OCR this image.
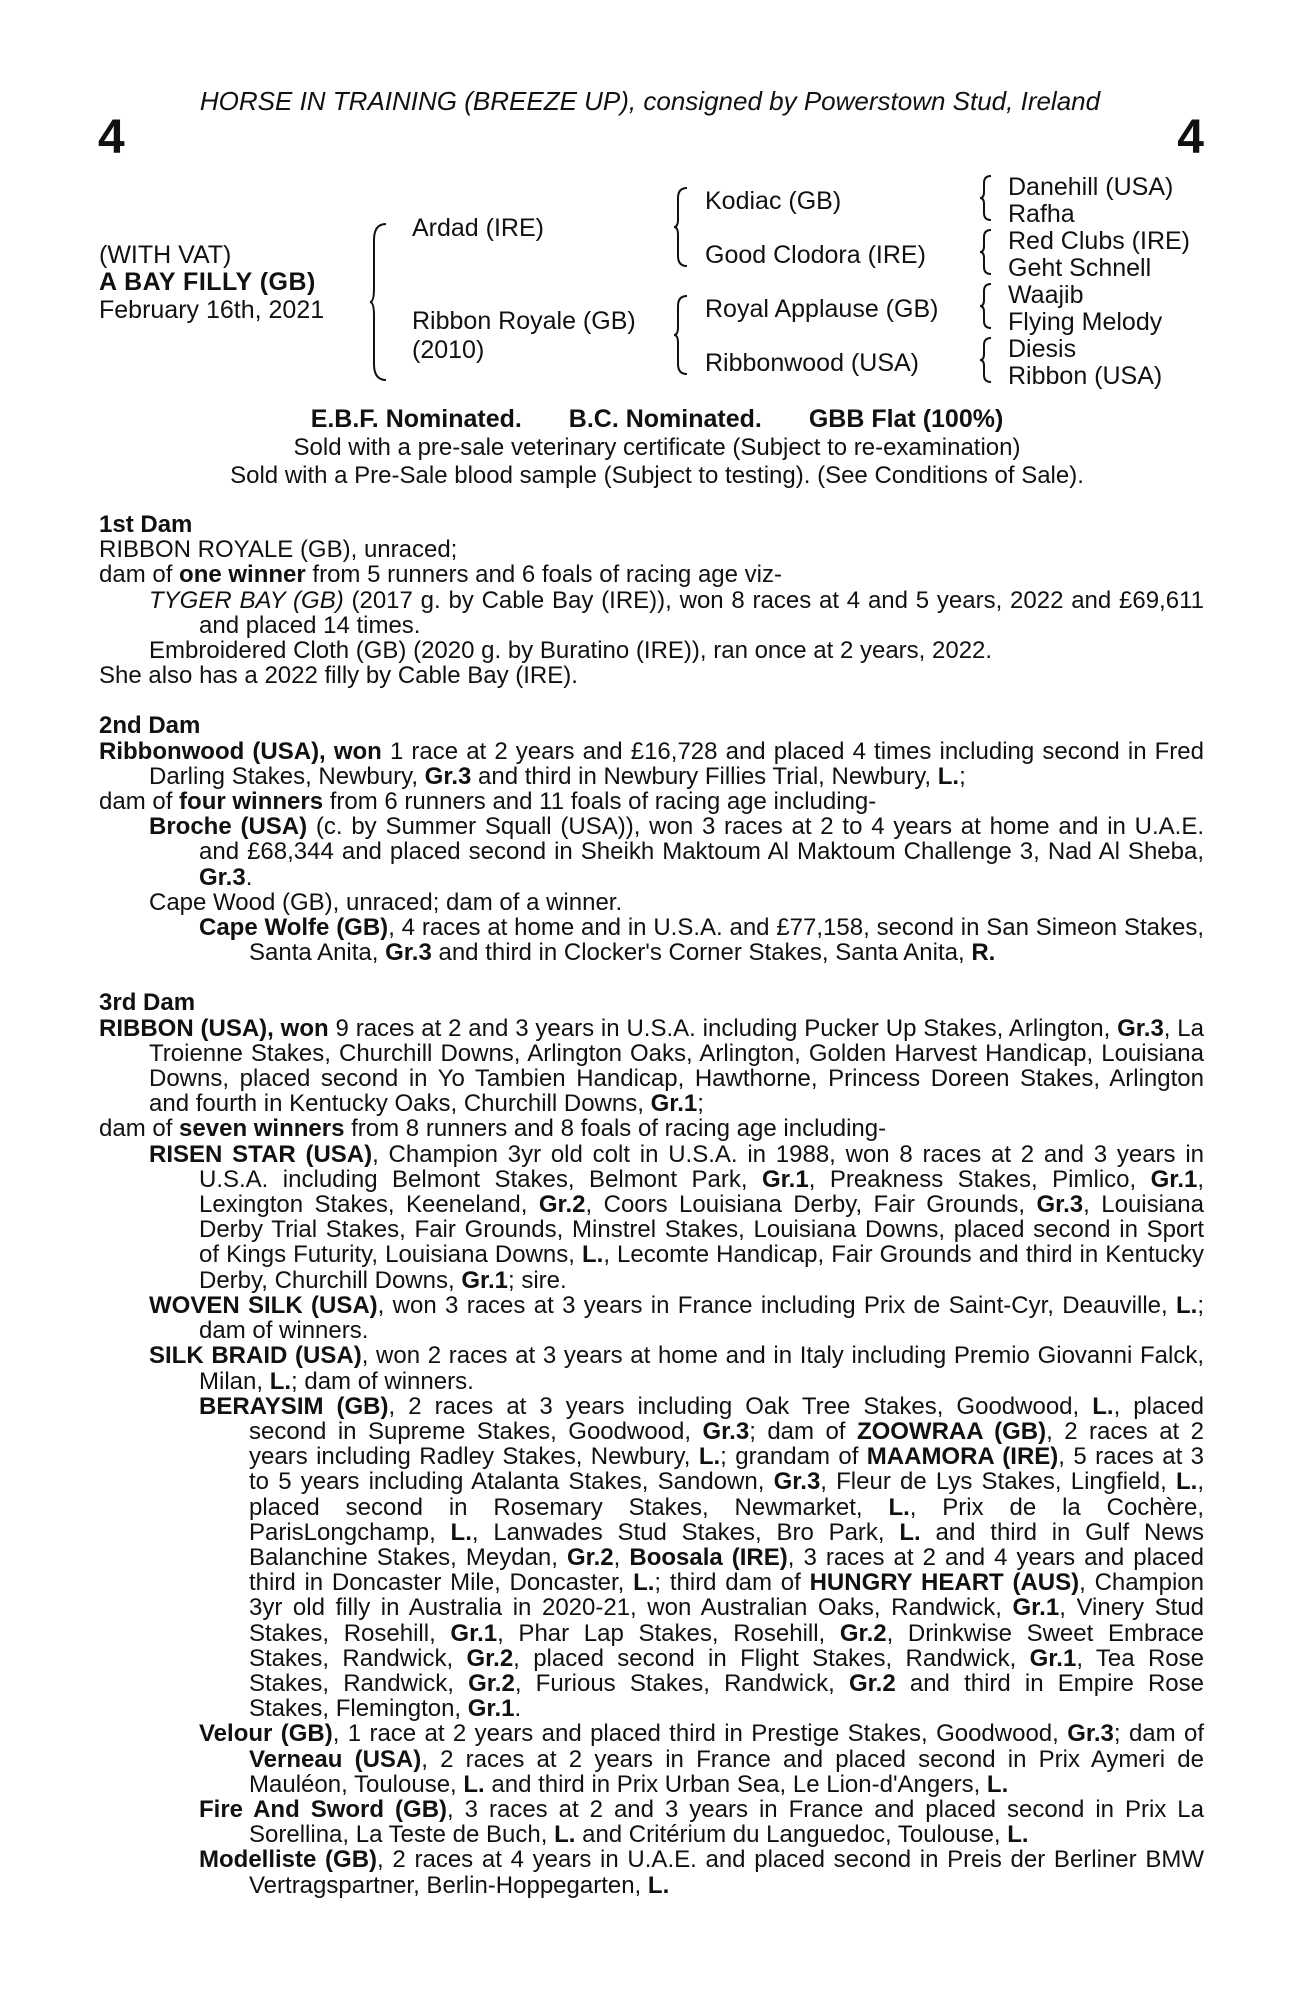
HORSE IN TRAINING (BREEZE UP), consigned by Powerstown Stud, Ireland
4	4
(WITH VAT)
A BAY FILLY (GB)
February 16th, 2021
Ardad (IRE)
Ribbon Royale (GB)
(2010)
Kodiac (GB)
Good Clodora (IRE)
Royal Applause (GB)
Ribbonwood (USA)
Danehill (USA)
Rafha
Red Clubs (IRE)
Geht Schnell
Waajib
Flying Melody
Diesis
Ribbon (USA)
E.B.F. Nominated. B.C. Nominated. GBB Flat (100%)
Sold with a pre-sale veterinary certificate (Subject to re-examination)
Sold with a Pre-Sale blood sample (Subject to testing). (See Conditions of Sale).
1st Dam

RIBBON ROYALE (GB), unraced;

dam of one winner from 5 runners and 6 foals of racing age viz-

TYGER BAY (GB) (2017 g. by Cable Bay (IRE)), won 8 races at 4 and 5 years, 2022 and £69,611 and placed 14 times.

Embroidered Cloth (GB) (2020 g. by Buratino (IRE)), ran once at 2 years, 2022.

She also has a 2022 filly by Cable Bay (IRE).

2nd Dam

Ribbonwood (USA), won 1 race at 2 years and £16,728 and placed 4 times including second in Fred Darling Stakes, Newbury, Gr.3 and third in Newbury Fillies Trial, Newbury, L.;

dam of four winners from 6 runners and 11 foals of racing age including-

Broche (USA) (c. by Summer Squall (USA)), won 3 races at 2 to 4 years at home and in U.A.E. and £68,344 and placed second in Sheikh Maktoum Al Maktoum Challenge 3, Nad Al Sheba, Gr.3.

Cape Wood (GB), unraced; dam of a winner.

Cape Wolfe (GB), 4 races at home and in U.S.A. and £77,158, second in San Simeon Stakes, Santa Anita, Gr.3 and third in Clocker's Corner Stakes, Santa Anita, R.

3rd Dam

RIBBON (USA), won 9 races at 2 and 3 years in U.S.A. including Pucker Up Stakes, Arlington, Gr.3, La Troienne Stakes, Churchill Downs, Arlington Oaks, Arlington, Golden Harvest Handicap, Louisiana Downs, placed second in Yo Tambien Handicap, Hawthorne, Princess Doreen Stakes, Arlington and fourth in Kentucky Oaks, Churchill Downs, Gr.1;

dam of seven winners from 8 runners and 8 foals of racing age including-

RISEN STAR (USA), Champion 3yr old colt in U.S.A. in 1988, won 8 races at 2 and 3 years in U.S.A. including Belmont Stakes, Belmont Park, Gr.1, Preakness Stakes, Pimlico, Gr.1, Lexington Stakes, Keeneland, Gr.2, Coors Louisiana Derby, Fair Grounds, Gr.3, Louisiana Derby Trial Stakes, Fair Grounds, Minstrel Stakes, Louisiana Downs, placed second in Sport of Kings Futurity, Louisiana Downs, L., Lecomte Handicap, Fair Grounds and third in Kentucky Derby, Churchill Downs, Gr.1; sire.

WOVEN SILK (USA), won 3 races at 3 years in France including Prix de Saint-Cyr, Deauville, L.; dam of winners.

SILK BRAID (USA), won 2 races at 3 years at home and in Italy including Premio Giovanni Falck, Milan, L.; dam of winners.

BERAYSIM (GB), 2 races at 3 years including Oak Tree Stakes, Goodwood, L., placed second in Supreme Stakes, Goodwood, Gr.3; dam of ZOOWRAA (GB), 2 races at 2 years including Radley Stakes, Newbury, L.; grandam of MAAMORA (IRE), 5 races at 3 to 5 years including Atalanta Stakes, Sandown, Gr.3, Fleur de Lys Stakes, Lingfield, L., placed second in Rosemary Stakes, Newmarket, L., Prix de la Cochère, ParisLongchamp, L., Lanwades Stud Stakes, Bro Park, L. and third in Gulf News Balanchine Stakes, Meydan, Gr.2, Boosala (IRE), 3 races at 2 and 4 years and placed third in Doncaster Mile, Doncaster, L.; third dam of HUNGRY HEART (AUS), Champion 3yr old filly in Australia in 2020-21, won Australian Oaks, Randwick, Gr.1, Vinery Stud Stakes, Rosehill, Gr.1, Phar Lap Stakes, Rosehill, Gr.2, Drinkwise Sweet Embrace Stakes, Randwick, Gr.2, placed second in Flight Stakes, Randwick, Gr.1, Tea Rose Stakes, Randwick, Gr.2, Furious Stakes, Randwick, Gr.2 and third in Empire Rose Stakes, Flemington, Gr.1.

Velour (GB), 1 race at 2 years and placed third in Prestige Stakes, Goodwood, Gr.3; dam of Verneau (USA), 2 races at 2 years in France and placed second in Prix Aymeri de Mauléon, Toulouse, L. and third in Prix Urban Sea, Le Lion-d'Angers, L.

Fire And Sword (GB), 3 races at 2 and 3 years in France and placed second in Prix La Sorellina, La Teste de Buch, L. and Critérium du Languedoc, Toulouse, L.

Modelliste (GB), 2 races at 4 years in U.A.E. and placed second in Preis der Berliner BMW Vertragspartner, Berlin-Hoppegarten, L.
